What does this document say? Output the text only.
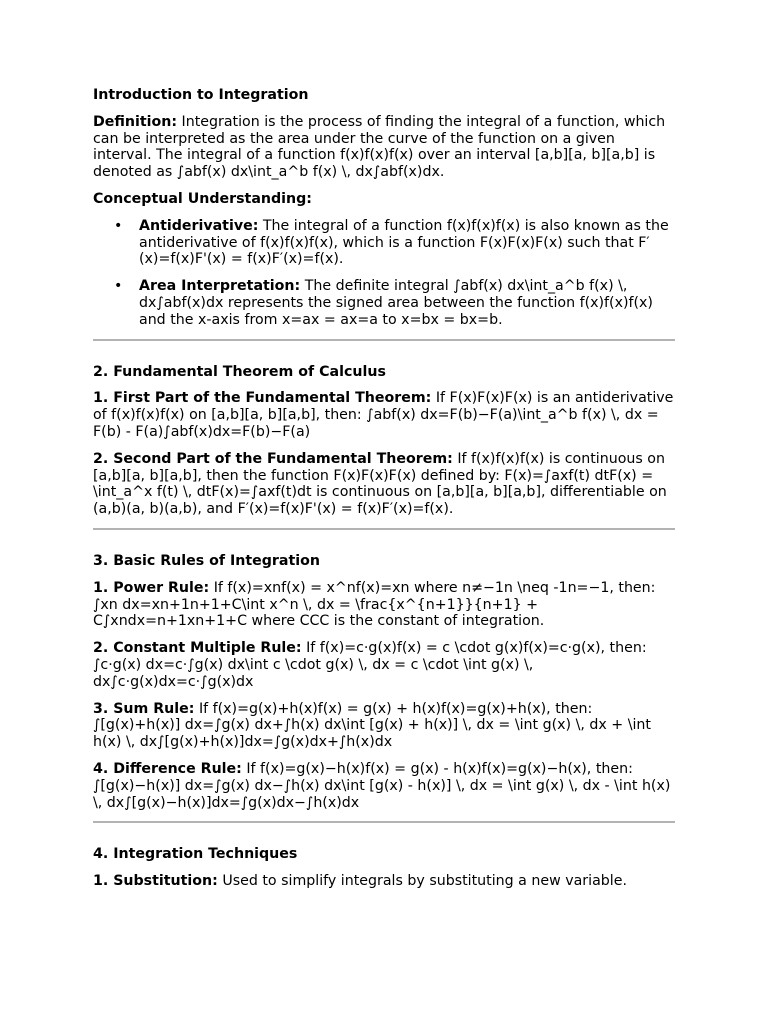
Introduction to Integration

Definition: Integration is the process of finding the integral of a function, which can be interpreted as the area under the curve of the function on a given interval. The integral of a function f(x)f(x)f(x) over an interval [a,b][a, b][a,b] is denoted as ∫abf(x) dx\int_a^b f(x) \, dx∫abf(x)dx.

Conceptual Understanding:
• Antiderivative: The integral of a function f(x)f(x)f(x) is also known as the antiderivative of f(x)f(x)f(x), which is a function F(x)F(x)F(x) such that F′(x)=f(x)F'(x) = f(x)F′(x)=f(x).
• Area Interpretation: The definite integral ∫abf(x) dx\int_a^b f(x) \, dx∫abf(x)dx represents the signed area between the function f(x)f(x)f(x) and the x-axis from x=ax = ax=a to x=bx = bx=b.
2. Fundamental Theorem of Calculus

1. First Part of the Fundamental Theorem: If F(x)F(x)F(x) is an antiderivative of f(x)f(x)f(x) on [a,b][a, b][a,b], then: ∫abf(x) dx=F(b)−F(a)\int_a^b f(x) \, dx = F(b) - F(a)∫abf(x)dx=F(b)−F(a)

2. Second Part of the Fundamental Theorem: If f(x)f(x)f(x) is continuous on [a,b][a, b][a,b], then the function F(x)F(x)F(x) defined by: F(x)=∫axf(t) dtF(x) = \int_a^x f(t) \, dtF(x)=∫axf(t)dt is continuous on [a,b][a, b][a,b], differentiable on (a,b)(a, b)(a,b), and F′(x)=f(x)F'(x) = f(x)F′(x)=f(x).

3. Basic Rules of Integration

1. Power Rule: If f(x)=xnf(x) = x^nf(x)=xn where n≠−1n \neq -1n=−1, then: ∫xn dx=xn+1n+1+C\int x^n \, dx = \frac{x^{n+1}}{n+1} + C∫xndx=n+1xn+1+C where CCC is the constant of integration.

2. Constant Multiple Rule: If f(x)=c⋅g(x)f(x) = c \cdot g(x)f(x)=c⋅g(x), then: ∫c⋅g(x) dx=c⋅∫g(x) dx\int c \cdot g(x) \, dx = c \cdot \int g(x) \, dx∫c⋅g(x)dx=c⋅∫g(x)dx

3. Sum Rule: If f(x)=g(x)+h(x)f(x) = g(x) + h(x)f(x)=g(x)+h(x), then: ∫[g(x)+h(x)] dx=∫g(x) dx+∫h(x) dx\int [g(x) + h(x)] \, dx = \int g(x) \, dx + \int h(x) \, dx∫[g(x)+h(x)]dx=∫g(x)dx+∫h(x)dx

4. Difference Rule: If f(x)=g(x)−h(x)f(x) = g(x) - h(x)f(x)=g(x)−h(x), then: ∫[g(x)−h(x)] dx=∫g(x) dx−∫h(x) dx\int [g(x) - h(x)] \, dx = \int g(x) \, dx - \int h(x) \, dx∫[g(x)−h(x)]dx=∫g(x)dx−∫h(x)dx

4. Integration Techniques

1. Substitution: Used to simplify integrals by substituting a new variable.
